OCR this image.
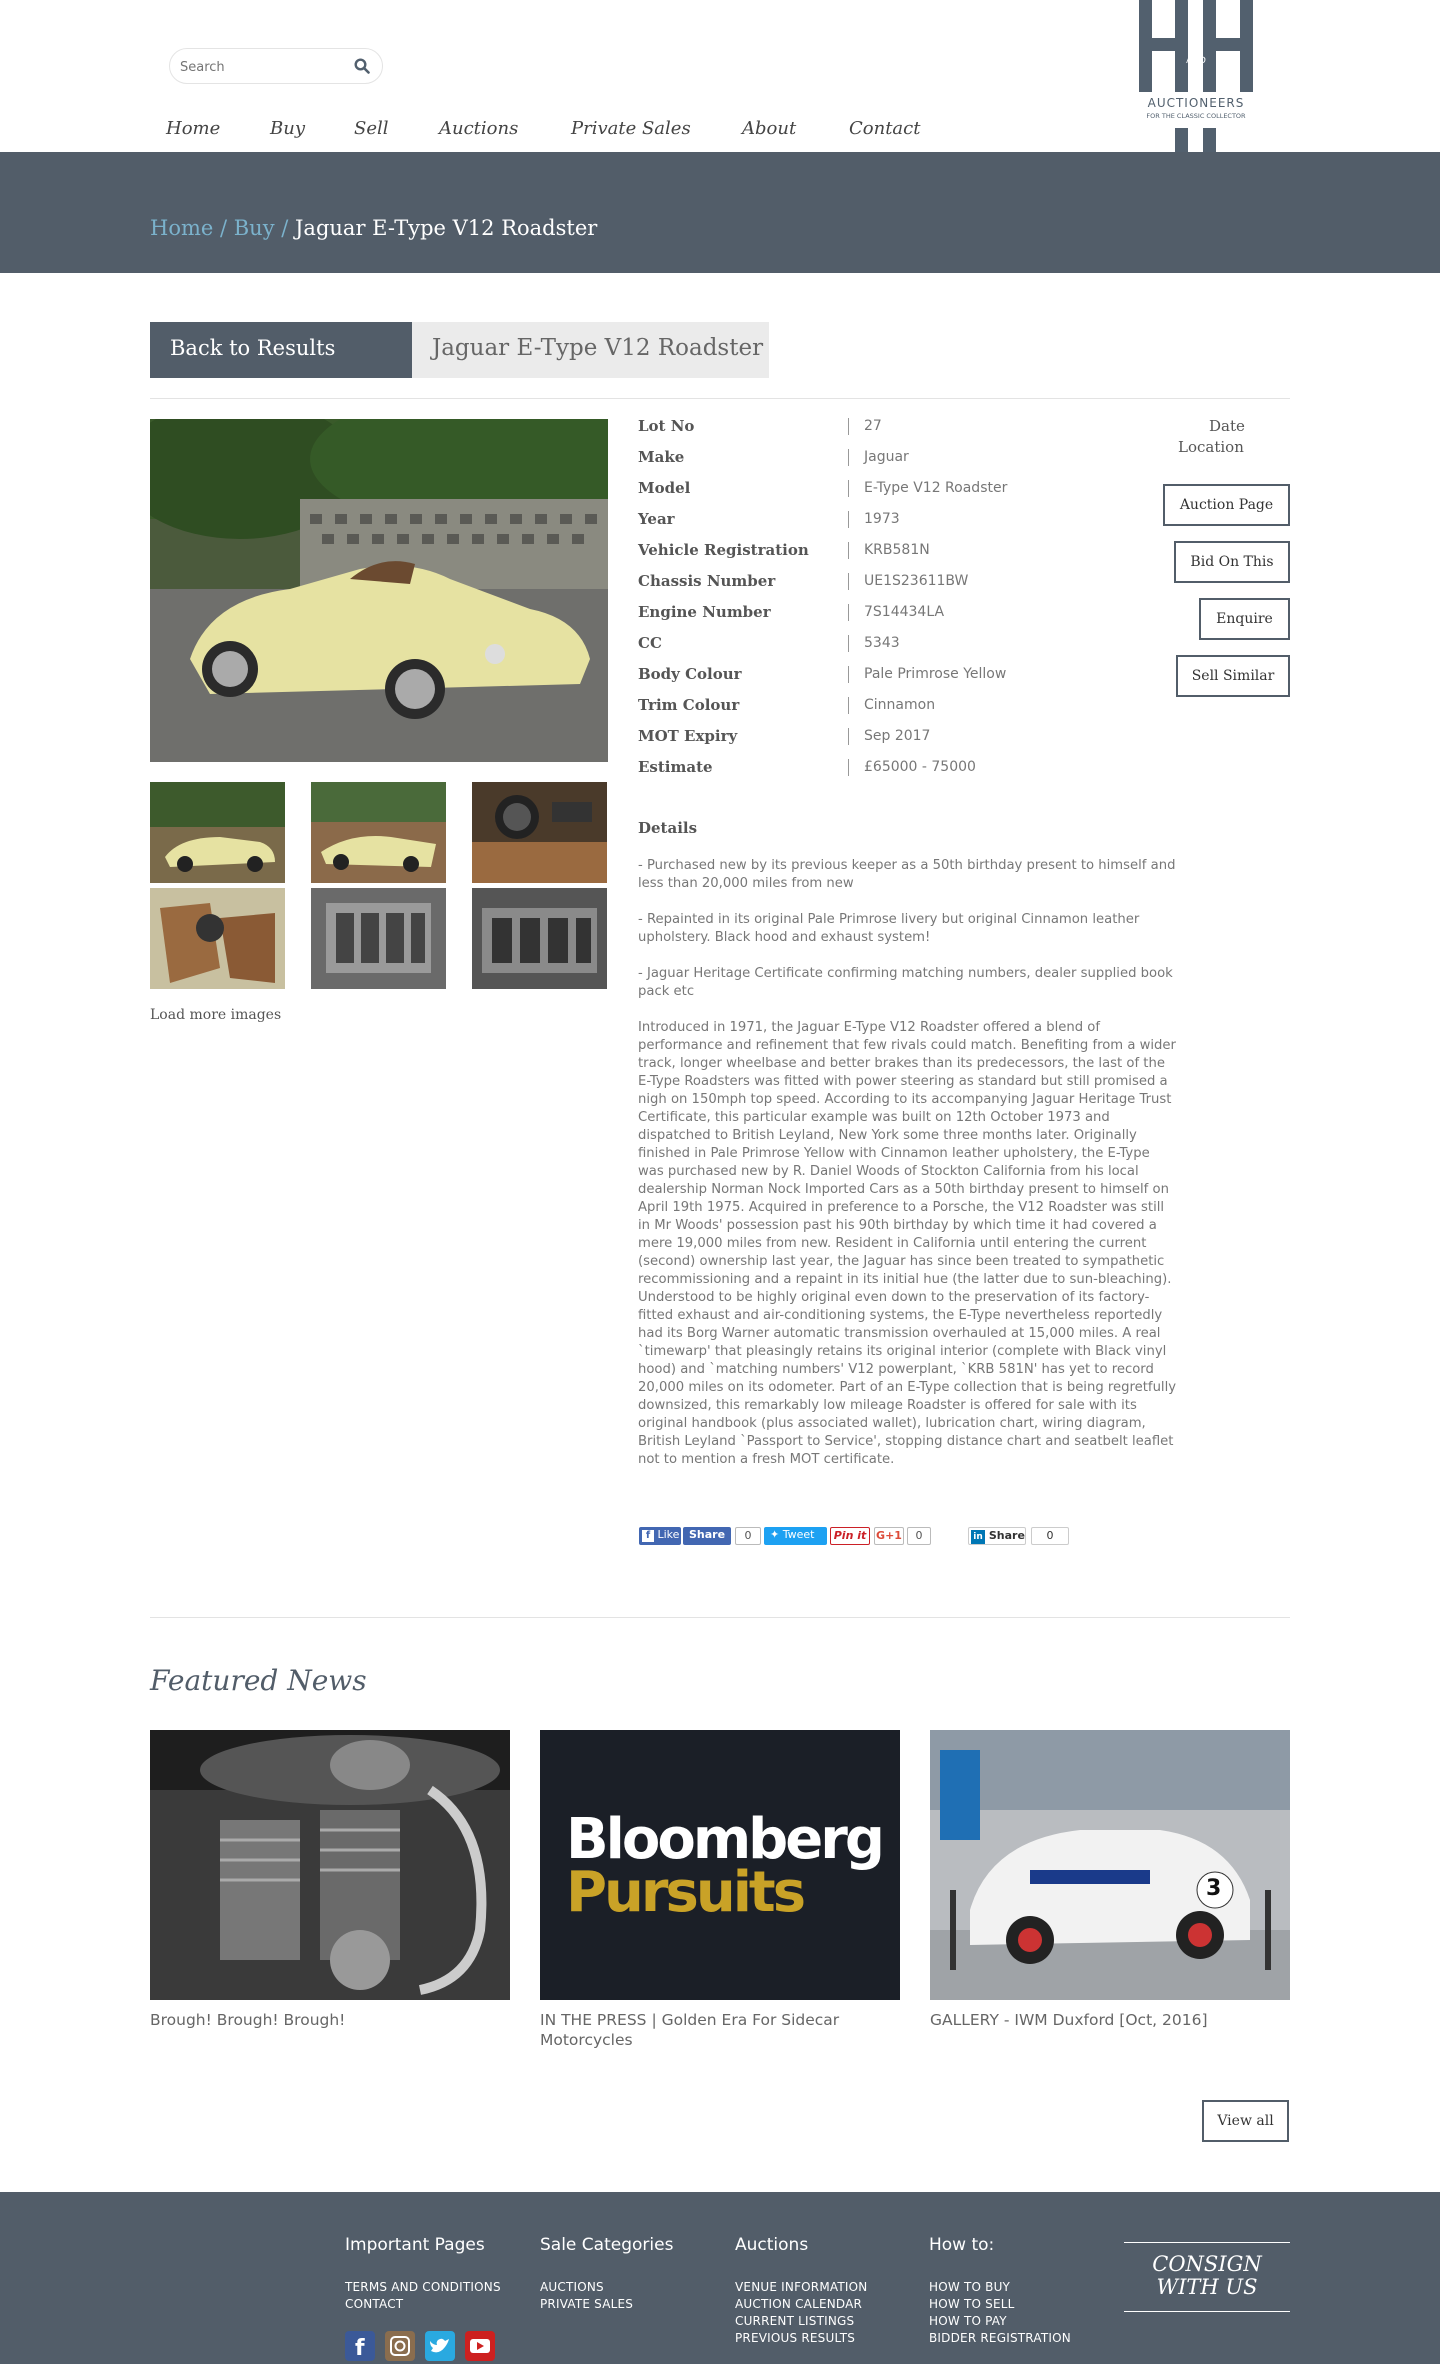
Search
Home	Buy	Sell	Auctions	Private Sales	About	Contact
AND
AUCTIONEERS
FOR THE CLASSIC COLLECTOR
Home / Buy / Jaguar E-Type V12 Roadster
Back to Results	Jaguar E-Type V12 Roadster
Load more images
Lot No	27
Make	Jaguar
Model	E-Type V12 Roadster
Year	1973
Vehicle Registration	KRB581N
Chassis Number	UE1S23611BW
Engine Number	7S14434LA
CC	5343
Body Colour	Pale Primrose Yellow
Trim Colour	Cinnamon
MOT Expiry	Sep 2017
Estimate	£65000 - 75000
Date
Location
Auction Page
Bid On This
Enquire
Sell Similar
Details
- Purchased new by its previous keeper as a 50th birthday present to himself and less than 20,000 miles from new
- Repainted in its original Pale Primrose livery but original Cinnamon leather upholstery. Black hood and exhaust system!
- Jaguar Heritage Certificate confirming matching numbers, dealer supplied book pack etc
Introduced in 1971, the Jaguar E-Type V12 Roadster offered a blend of performance and refinement that few rivals could match. Benefiting from a wider track, longer wheelbase and better brakes than its predecessors, the last of the E-Type Roadsters was fitted with power steering as standard but still promised a nigh on 150mph top speed. According to its accompanying Jaguar Heritage Trust Certificate, this particular example was built on 12th October 1973 and dispatched to British Leyland, New York some three months later. Originally finished in Pale Primrose Yellow with Cinnamon leather upholstery, the E-Type was purchased new by R. Daniel Woods of Stockton California from his local dealership Norman Nock Imported Cars as a 50th birthday present to himself on April 19th 1975. Acquired in preference to a Porsche, the V12 Roadster was still in Mr Woods' possession past his 90th birthday by which time it had covered a mere 19,000 miles from new. Resident in California until entering the current (second) ownership last year, the Jaguar has since been treated to sympathetic recommissioning and a repaint in its initial hue (the latter due to sun-bleaching). Understood to be highly original even down to the preservation of its factory-fitted exhaust and air-conditioning systems, the E-Type nevertheless reportedly had its Borg Warner automatic transmission overhauled at 15,000 miles. A real `timewarp' that pleasingly retains its original interior (complete with Black vinyl hood) and `matching numbers' V12 powerplant, `KRB 581N' has yet to record 20,000 miles on its odometer. Part of an E-Type collection that is being regretfully downsized, this remarkably low mileage Roadster is offered for sale with its original handbook (plus associated wallet), lubrication chart, wiring diagram, British Leyland `Passport to Service', stopping distance chart and seatbelt leaflet not to mention a fresh MOT certificate.
f Like Share	0	✦ Tweet	Pin it G+1	0	in Share	0
Featured News
Bloomberg
Pursuits	3
Brough! Brough! Brough!	IN THE PRESS | Golden Era For Sidecar Motorcycles
GALLERY - IWM Duxford [Oct, 2016]
View all
Important Pages
TERMS AND CONDITIONS
CONTACT
Sale Categories
AUCTIONS
PRIVATE SALES
Auctions
VENUE INFORMATION
AUCTION CALENDAR
CURRENT LISTINGS
PREVIOUS RESULTS
How to:
HOW TO BUY
HOW TO SELL
HOW TO PAY
BIDDER REGISTRATION
CONSIGN
WITH US
f
